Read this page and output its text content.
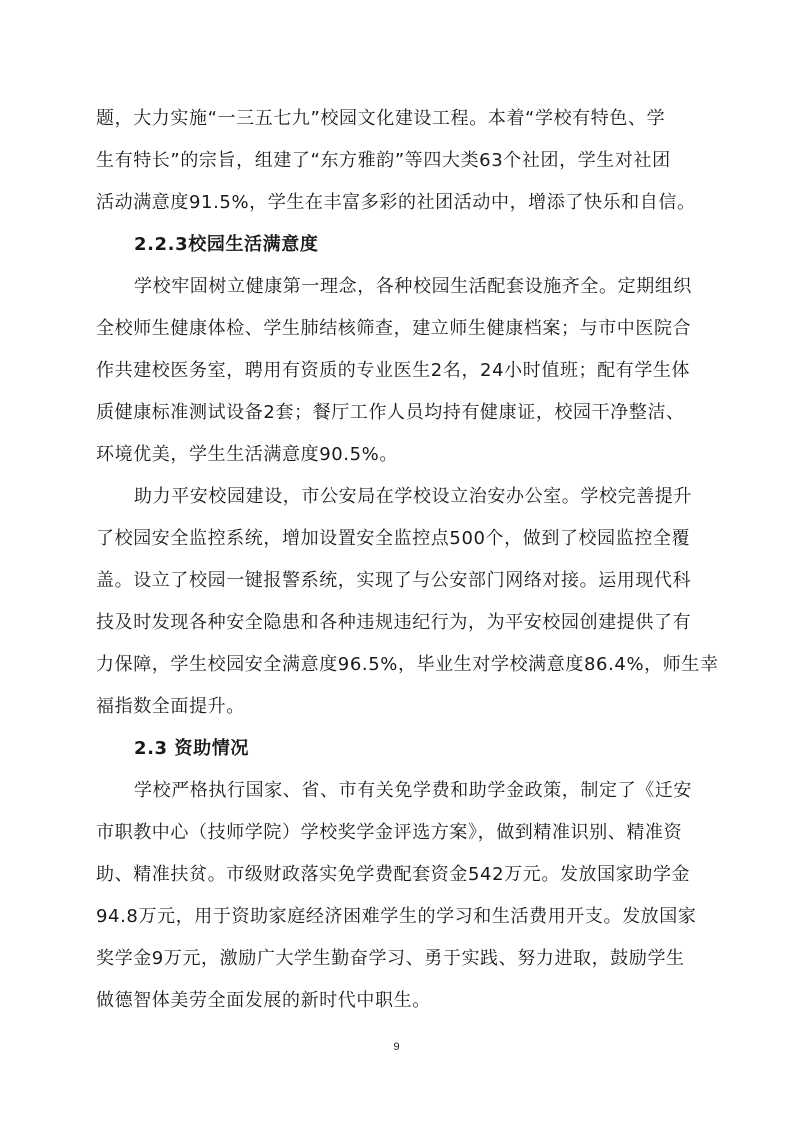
题，大力实施“一三五七九”校园文化建设工程。本着“学校有特色、学
生有特长”的宗旨，组建了“东方雅韵”等四大类63个社团，学生对社团
活动满意度91.5%，学生在丰富多彩的社团活动中，增添了快乐和自信。
2.2.3校园生活满意度
学校牢固树立健康第一理念，各种校园生活配套设施齐全。定期组织
全校师生健康体检、学生肺结核筛查，建立师生健康档案；与市中医院合
作共建校医务室，聘用有资质的专业医生2名，24小时值班；配有学生体
质健康标准测试设备2套；餐厅工作人员均持有健康证，校园干净整洁、
环境优美，学生生活满意度90.5%。
助力平安校园建设，市公安局在学校设立治安办公室。学校完善提升
了校园安全监控系统，增加设置安全监控点500个，做到了校园监控全覆
盖。设立了校园一键报警系统，实现了与公安部门网络对接。运用现代科
技及时发现各种安全隐患和各种违规违纪行为，为平安校园创建提供了有
力保障，学生校园安全满意度96.5%，毕业生对学校满意度86.4%，师生幸
福指数全面提升。
2.3 资助情况
学校严格执行国家、省、市有关免学费和助学金政策，制定了《迁安
市职教中心（技师学院）学校奖学金评选方案》，做到精准识别、精准资
助、精准扶贫。市级财政落实免学费配套资金542万元。发放国家助学金
94.8万元，用于资助家庭经济困难学生的学习和生活费用开支。发放国家
奖学金9万元，激励广大学生勤奋学习、勇于实践、努力进取，鼓励学生
做德智体美劳全面发展的新时代中职生。
9
